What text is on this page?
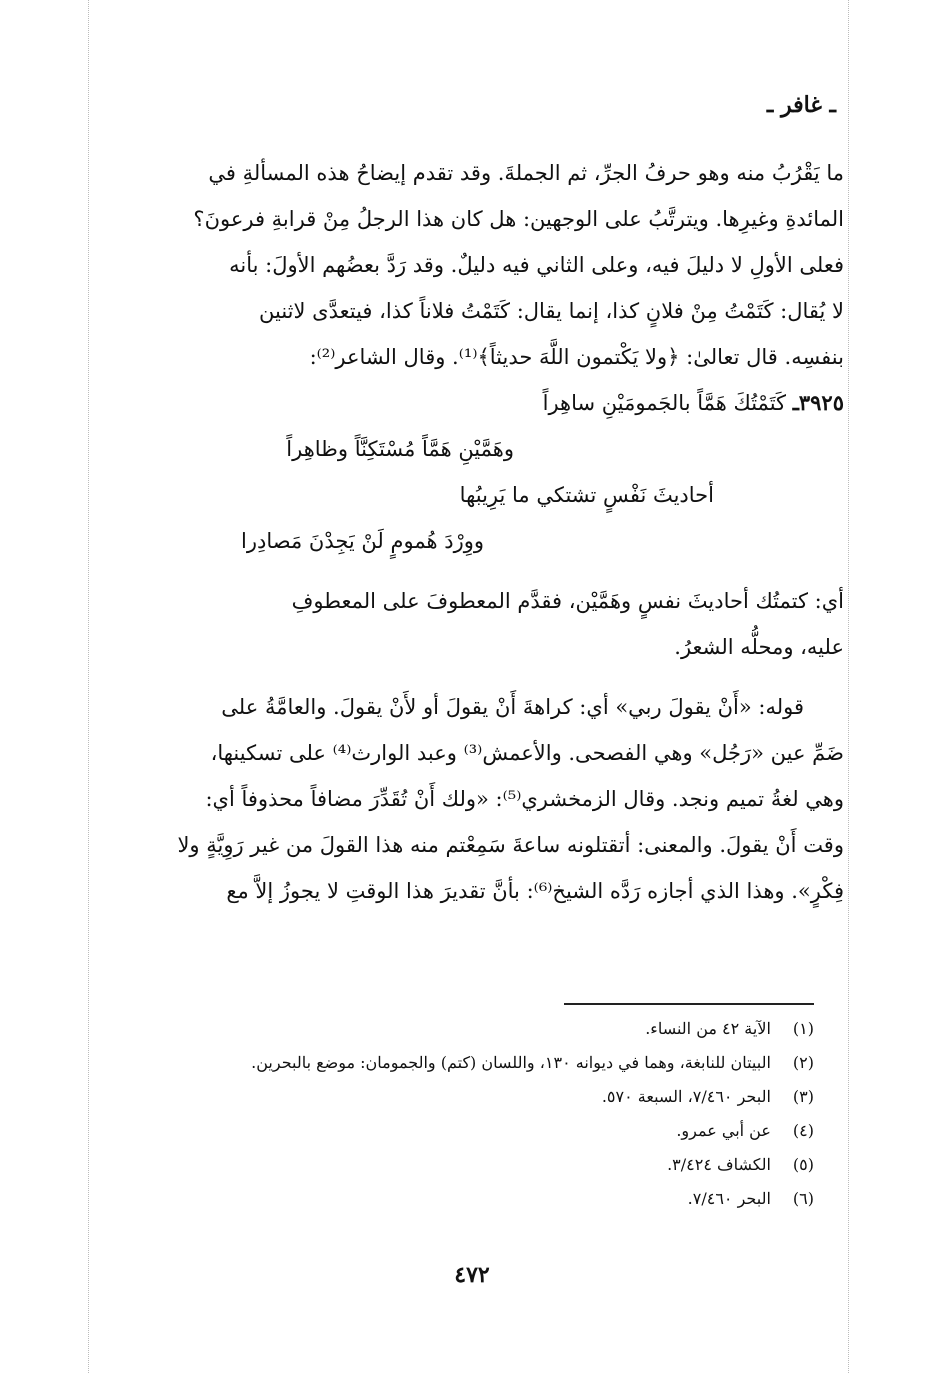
ـ غافر ـ
ما يَقْرُبُ منه وهو حرفُ الجرِّ، ثم الجملةَ. وقد تقدم إيضاحُ هذه المسألةِ في
المائدةِ وغيرِها. ويترتَّبُ على الوجهين: هل كان هذا الرجلُ مِنْ قرابةِ فرعونَ؟
فعلى الأولِ لا دليلَ فيه، وعلى الثاني فيه دليلٌ. وقد رَدَّ بعضُهم الأولَ: بأنه
لا يُقال: كَتَمْتُ مِنْ فلانٍ كذا، إنما يقال: كَتَمْتُ فلاناً كذا، فيتعدَّى لاثنين
بنفسِه. قال تعالىٰ: ﴿ولا يَكْتمون اللَّهَ حديثاً﴾⁽¹⁾. وقال الشاعر⁽²⁾:
٣٩٢٥ـ كَتَمْتُكَ هَمَّاً بالجَمومَيْنِ ساهِراً
وهَمَّيْنِ هَمَّاً مُسْتَكِنَّاً وظاهِراً
أحاديثَ نَفْسٍ تشتكي ما يَرِيبُها
ووِرْدَ هُمومٍ لَنْ يَجِدْنَ مَصادِرا
أي: كتمتُك أحاديثَ نفسٍ وهَمَّيْن، فقدَّم المعطوفَ على المعطوفِ
عليه، ومحلُّه الشعرُ.
قوله: «أَنْ يقولَ ربي» أي: كراهةَ أَنْ يقولَ أو لأَنْ يقولَ. والعامَّةُ على
ضَمِّ عين «رَجُل» وهي الفصحى. والأعمش⁽³⁾ وعبد الوارث⁽⁴⁾ على تسكينها،
وهي لغةُ تميم ونجد. وقال الزمخشري⁽⁵⁾: «ولك أَنْ تُقَدِّرَ مضافاً محذوفاً أي:
وقت أَنْ يقولَ. والمعنى: أتقتلونه ساعةَ سَمِعْتم منه هذا القولَ من غير رَوِيَّةٍ ولا
فِكْرٍ». وهذا الذي أجازه رَدَّه الشيخ⁽⁶⁾: بأنَّ تقديرَ هذا الوقتِ لا يجوزُ إلاَّ مع
(١) الآية ٤٢ من النساء.
(٢) البيتان للنابغة، وهما في ديوانه ١٣٠، واللسان (كتم) والجمومان: موضع بالبحرين.
(٣) البحر ٧/٤٦٠، السبعة ٥٧٠.
(٤) عن أبي عمرو.
(٥) الكشاف ٣/٤٢٤.
(٦) البحر ٧/٤٦٠.
٤٧٢
